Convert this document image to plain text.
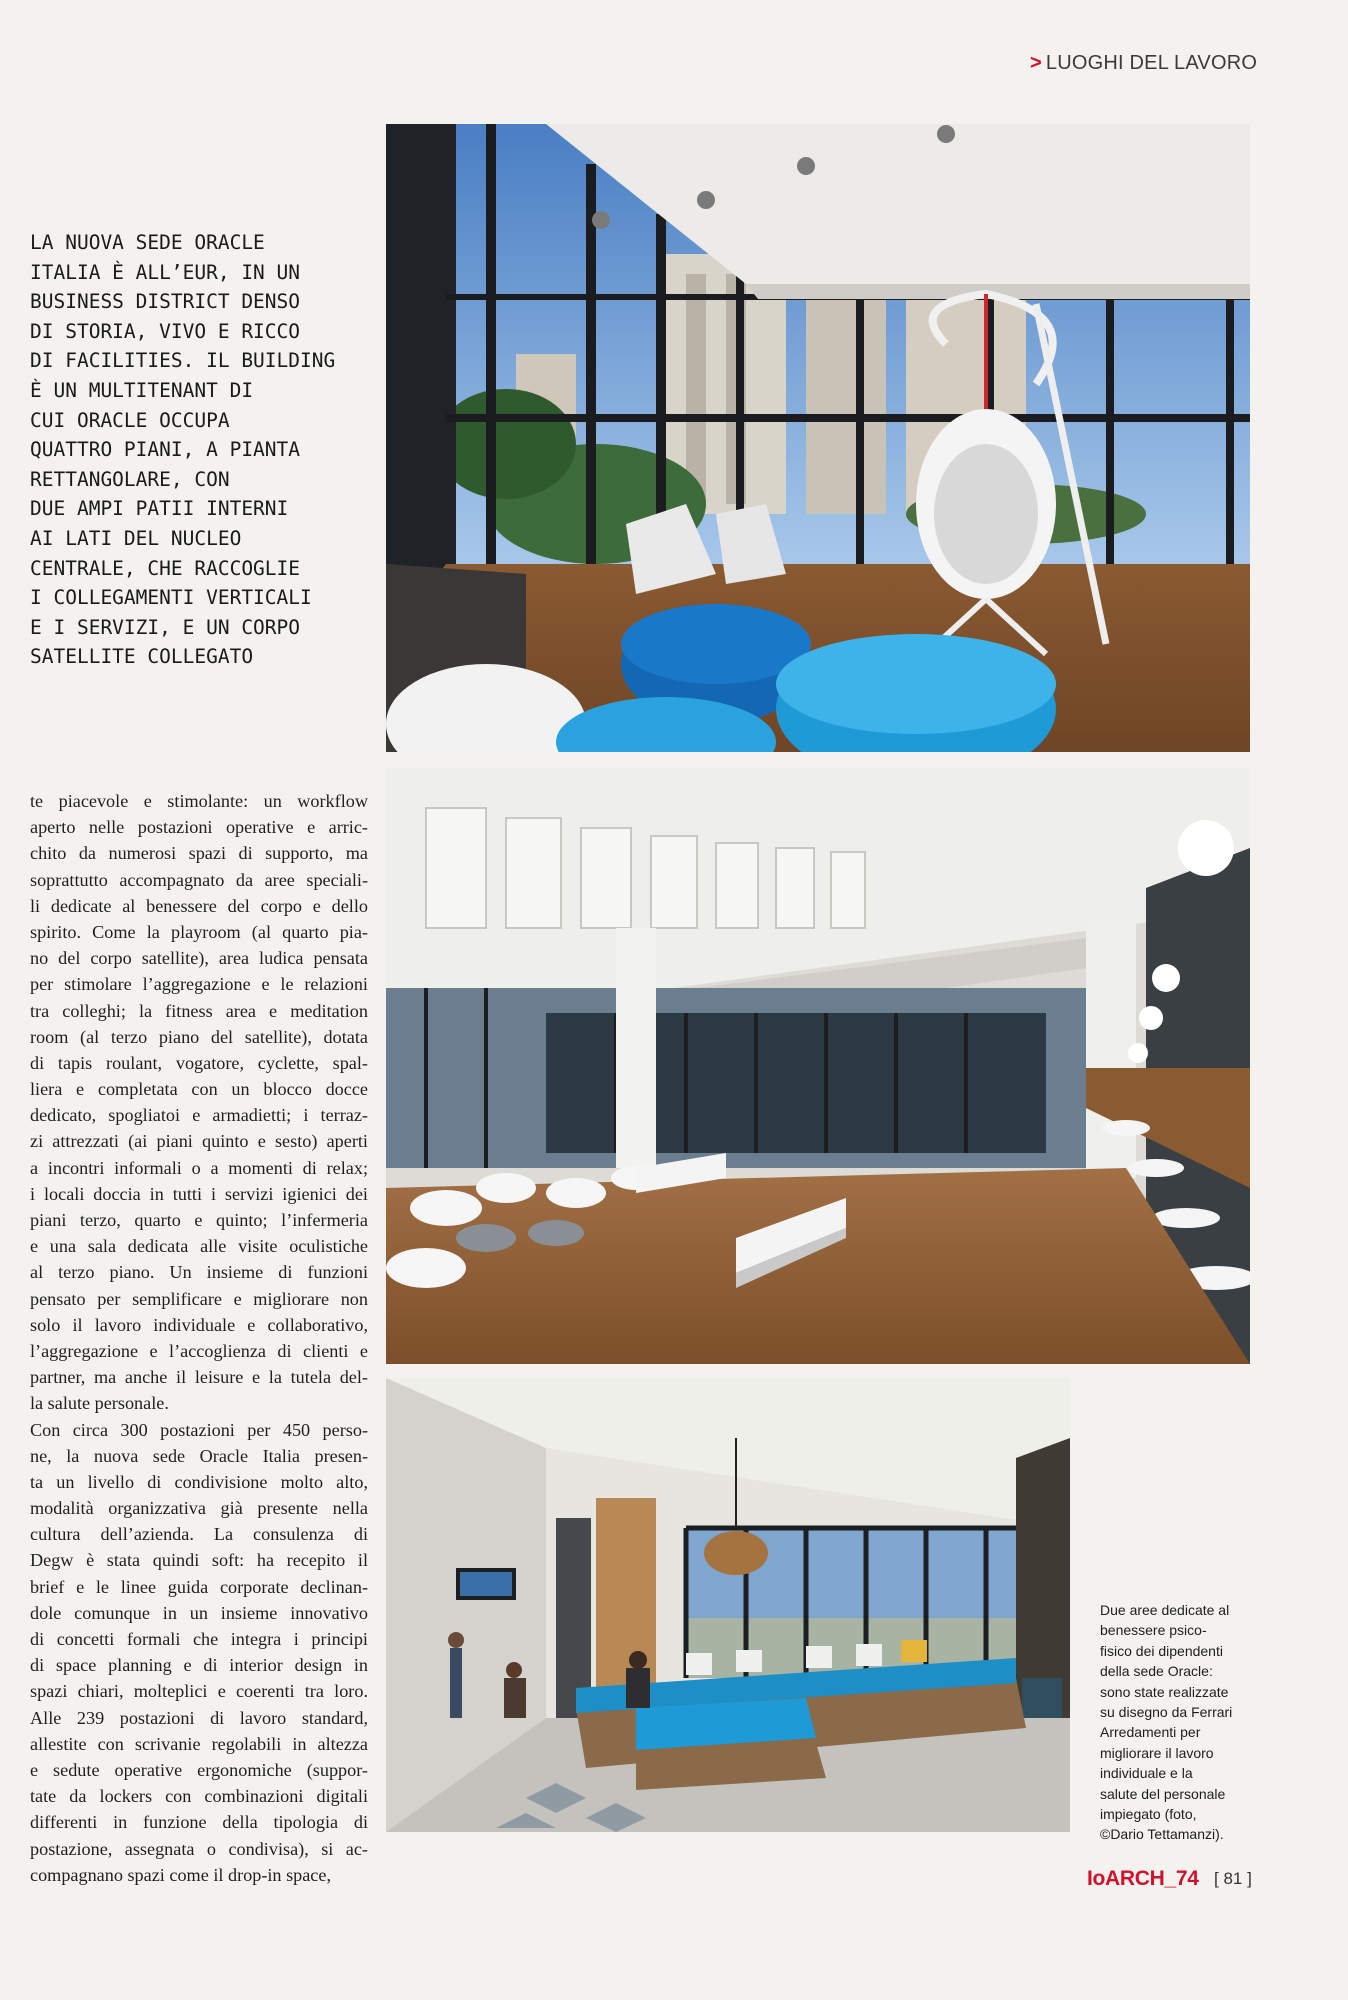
> LUOGHI DEL LAVORO
LA NUOVA SEDE ORACLE
ITALIA È ALL’EUR, IN UN
BUSINESS DISTRICT DENSO
DI STORIA, VIVO E RICCO
DI FACILITIES. IL BUILDING
È UN MULTITENANT DI
CUI ORACLE OCCUPA
QUATTRO PIANI, A PIANTA
RETTANGOLARE, CON
DUE AMPI PATII INTERNI
AI LATI DEL NUCLEO
CENTRALE, CHE RACCOGLIE
I COLLEGAMENTI VERTICALI
E I SERVIZI, E UN CORPO
SATELLITE COLLEGATO
te piacevole e stimolante: un workflow
aperto nelle postazioni operative e arric-
chito da numerosi spazi di supporto, ma
soprattutto accompagnato da aree speciali-
li dedicate al benessere del corpo e dello
spirito. Come la playroom (al quarto pia-
no del corpo satellite), area ludica pensata
per stimolare l’aggregazione e le relazioni
tra colleghi; la fitness area e meditation
room (al terzo piano del satellite), dotata
di tapis roulant, vogatore, cyclette, spal-
liera e completata con un blocco docce
dedicato, spogliatoi e armadietti; i terraz-
zi attrezzati (ai piani quinto e sesto) aperti
a incontri informali o a momenti di relax;
i locali doccia in tutti i servizi igienici dei
piani terzo, quarto e quinto; l’infermeria
e una sala dedicata alle visite oculistiche
al terzo piano. Un insieme di funzioni
pensato per semplificare e migliorare non
solo il lavoro individuale e collaborativo,
l’aggregazione e l’accoglienza di clienti e
partner, ma anche il leisure e la tutela del-
la salute personale.
Con circa 300 postazioni per 450 perso-
ne, la nuova sede Oracle Italia presen-
ta un livello di condivisione molto alto,
modalità organizzativa già presente nella
cultura dell’azienda. La consulenza di
Degw è stata quindi soft: ha recepito il
brief e le linee guida corporate declinan-
dole comunque in un insieme innovativo
di concetti formali che integra i principi
di space planning e di interior design in
spazi chiari, molteplici e coerenti tra loro.
Alle 239 postazioni di lavoro standard,
allestite con scrivanie regolabili in altezza
e sedute operative ergonomiche (suppor-
tate da lockers con combinazioni digitali
differenti in funzione della tipologia di
postazione, assegnata o condivisa), si ac-
compagnano spazi come il drop-in space,
Due aree dedicate al
benessere psico-
fisico dei dipendenti
della sede Oracle:
sono state realizzate
su disegno da Ferrari
Arredamenti per
migliorare il lavoro
individuale e la
salute del personale
impiegato (foto,
©Dario Tettamanzi).
IoARCH_74 [ 81 ]
